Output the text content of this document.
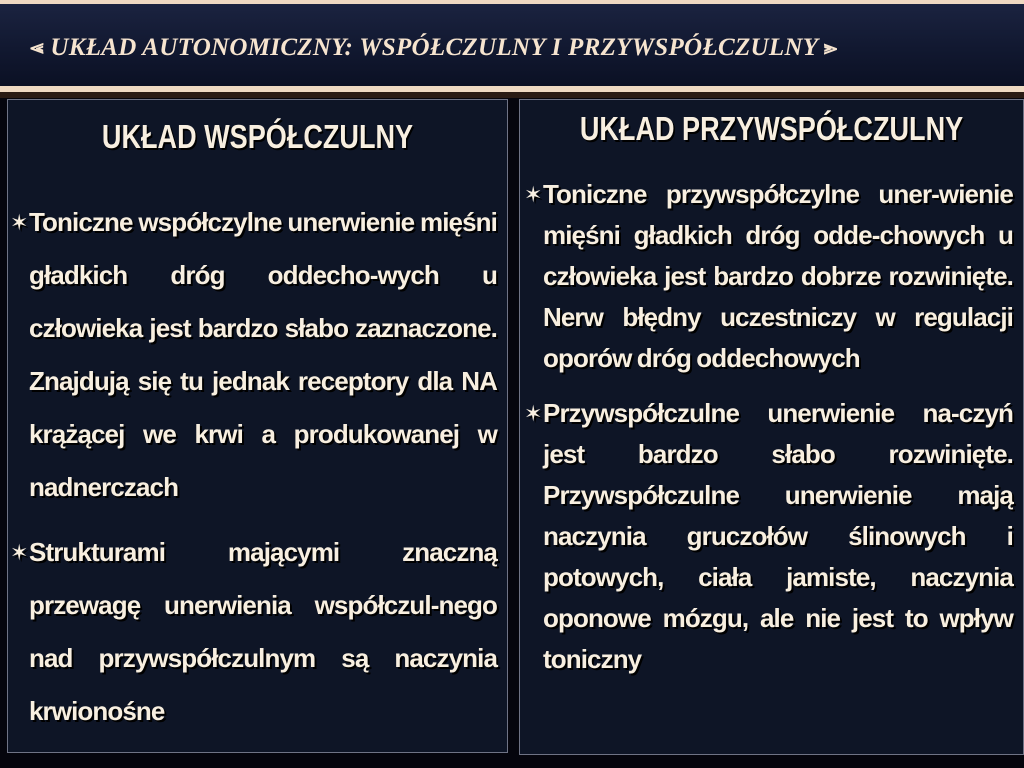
⪡ UKŁAD AUTONOMICZNY: WSPÓŁCZULNY I PRZYWSPÓŁCZULNY ⪢
UKŁAD WSPÓŁCZULNY
✶ Toniczne współczylne unerwienie mięśni gładkich dróg oddecho-wych u człowieka jest bardzo słabo zaznaczone. Znajdują się tu jednak receptory dla NA krążącej we krwi a produkowanej w nadnerczach
✶ Strukturami mającymi znaczną przewagę unerwienia współczul-nego nad przywspółczulnym są naczynia krwionośne
UKŁAD PRZYWSPÓŁCZULNY
✶ Toniczne przywspółczylne uner-wienie mięśni gładkich dróg odde-chowych u człowieka jest bardzo dobrze rozwinięte. Nerw błędny uczestniczy w regulacji oporów dróg oddechowych
✶ Przywspółczulne unerwienie na-czyń jest bardzo słabo rozwinięte. Przywspółczulne unerwienie mają naczynia gruczołów ślinowych i potowych, ciała jamiste, naczynia oponowe mózgu, ale nie jest to wpływ toniczny
